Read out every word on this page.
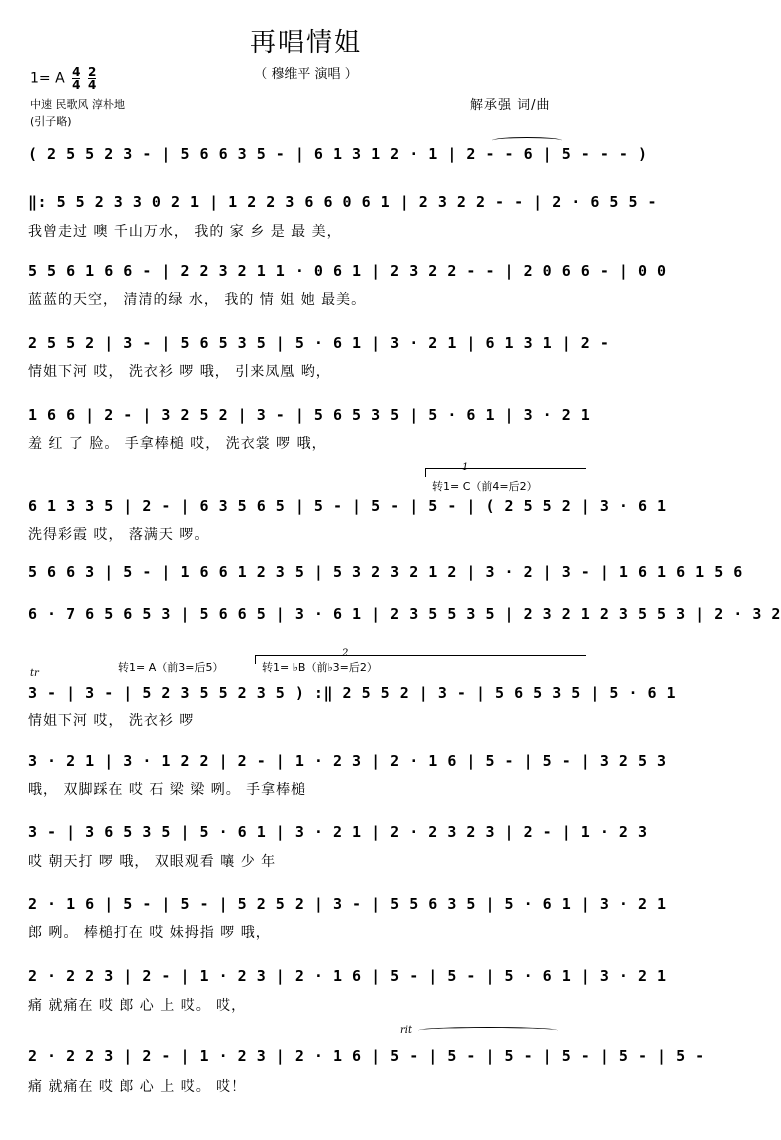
再唱情姐
（ 穆维平 演唱 ）
1= A $\frac{4}{4}$
$\frac{2}{4}$
中速 民歌风 淳朴地
(引子略)
解承强 词/曲
1
转1= C（前4=后2）
转1= A（前3=后5）
2
转1= ♭B（前♭3=后2）
tr
rit
( 2 5 5 2 3 - | 5 6 6 3 5 - | 6 1 3 1 2 · 1 | 2 - - 6 | 5 - - - )
‖: 5 5 2 3 3 0 2 1 | 1 2 2 3 6 6 0 6 1 | 2 3 2 2 - - | 2 · 6 5 5 -
我曾走过 噢 千山万水， 我的 家 乡 是 最 美，
5 5 6 1 6 6 - | 2 2 3 2 1 1 · 0 6 1 | 2 3 2 2 - - | 2 0 6 6 - | 0 0
蓝蓝的天空， 清清的绿 水， 我的 情 姐 她 最美。
2 5 5 2 | 3 - | 5 6 5 3 5 | 5 · 6 1 | 3 · 2 1 | 6 1 3 1 | 2 -
情姐下河 哎， 洗衣衫 啰 哦， 引来凤凰 哟，
1 6 6 | 2 - | 3 2 5 2 | 3 - | 5 6 5 3 5 | 5 · 6 1 | 3 · 2 1
羞 红 了 脸。 手拿棒槌 哎， 洗衣裳 啰 哦，
6 1 3 3 5 | 2 - | 6 3 5 6 5 | 5 - | 5 - | 5 - | ( 2 5 5 2 | 3 · 6 1
洗得彩霞 哎， 落满天 啰。
5 6 6 3 | 5 - | 1 6 6 1 2 3 5 | 5 3 2 3 2 1 2 | 3 · 2 | 3 - | 1 6 1 6 1 5 6
6 · 7 6 5 6 5 3 | 5 6 6 5 | 3 · 6 1 | 2 3 5 5 3 5 | 2 3 2 1 2 3 5 5 3 | 2 · 3 2
3 - | 3 - | 5 2 3 5 5 2 3 5 ) :‖ 2 5 5 2 | 3 - | 5 6 5 3 5 | 5 · 6 1
情姐下河 哎， 洗衣衫 啰
3 · 2 1 | 3 · 1 2 2 | 2 - | 1 · 2 3 | 2 · 1 6 | 5 - | 5 - | 3 2 5 3
哦， 双脚踩在 哎 石 梁 梁 咧。 手拿棒槌
3 - | 3 6 5 3 5 | 5 · 6 1 | 3 · 2 1 | 2 · 2 3 2 3 | 2 - | 1 · 2 3
哎 朝天打 啰 哦， 双眼观看 嚷 少 年
2 · 1 6 | 5 - | 5 - | 5 2 5 2 | 3 - | 5 5 6 3 5 | 5 · 6 1 | 3 · 2 1
郎 咧。 棒槌打在 哎 妹拇指 啰 哦，
2 · 2 2 3 | 2 - | 1 · 2 3 | 2 · 1 6 | 5 - | 5 - | 5 · 6 1 | 3 · 2 1
痛 就痛在 哎 郎 心 上 哎。 哎，
2 · 2 2 3 | 2 - | 1 · 2 3 | 2 · 1 6 | 5 - | 5 - | 5 - | 5 - | 5 - | 5 -
痛 就痛在 哎 郎 心 上 哎。 哎！
